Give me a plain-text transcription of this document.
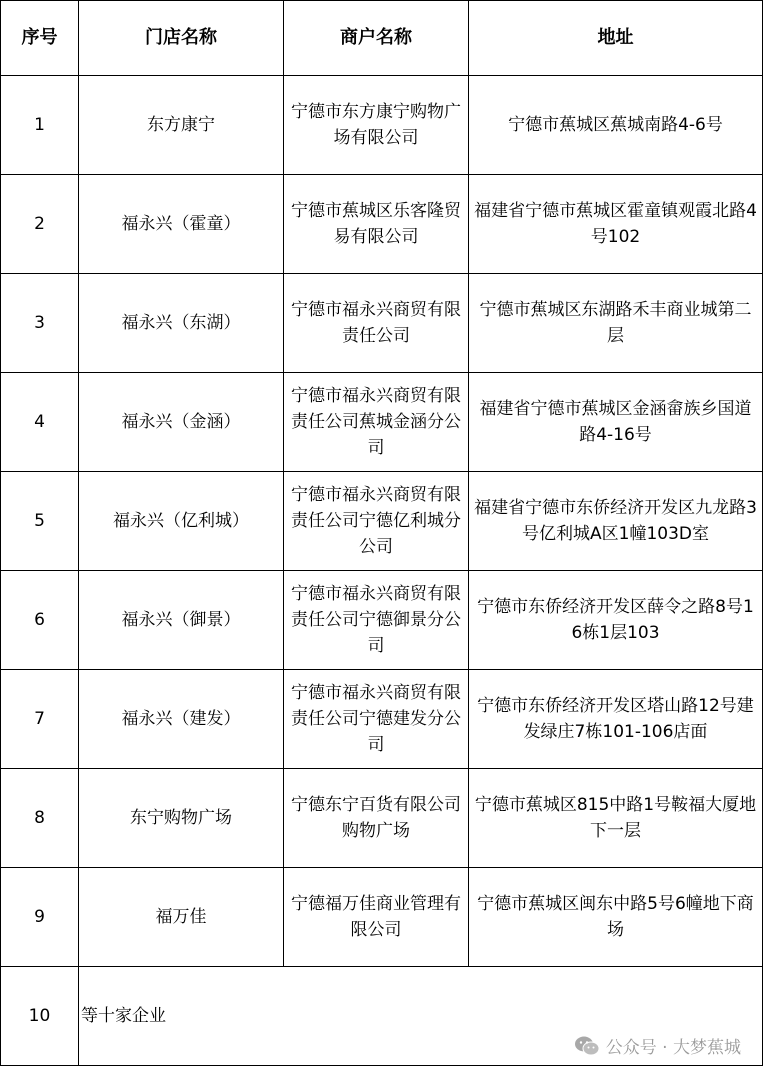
序号	门店名称	商户名称	地址
1	东方康宁	宁德市东方康宁购物广场有限公司	宁德市蕉城区蕉城南路4-6号
2	福永兴（霍童）	宁德市蕉城区乐客隆贸易有限公司	福建省宁德市蕉城区霍童镇观霞北路4号102
3	福永兴（东湖）	宁德市福永兴商贸有限责任公司	宁德市蕉城区东湖路禾丰商业城第二层
4	福永兴（金涵）	宁德市福永兴商贸有限责任公司蕉城金涵分公司	福建省宁德市蕉城区金涵畲族乡国道路4-16号
5	福永兴（亿利城）	宁德市福永兴商贸有限责任公司宁德亿利城分公司	福建省宁德市东侨经济开发区九龙路3号亿利城A区1幢103D室
6	福永兴（御景）	宁德市福永兴商贸有限责任公司宁德御景分公司	宁德市东侨经济开发区薛令之路8号16栋1层103
7	福永兴（建发）	宁德市福永兴商贸有限责任公司宁德建发分公司	宁德市东侨经济开发区塔山路12号建发绿庄7栋101-106店面
8	东宁购物广场	宁德东宁百货有限公司购物广场	宁德市蕉城区815中路1号鞍福大厦地下一层
9	福万佳	宁德福万佳商业管理有限公司	宁德市蕉城区闽东中路5号6幢地下商场
10	等十家企业		
公众号 · 大梦蕉城
